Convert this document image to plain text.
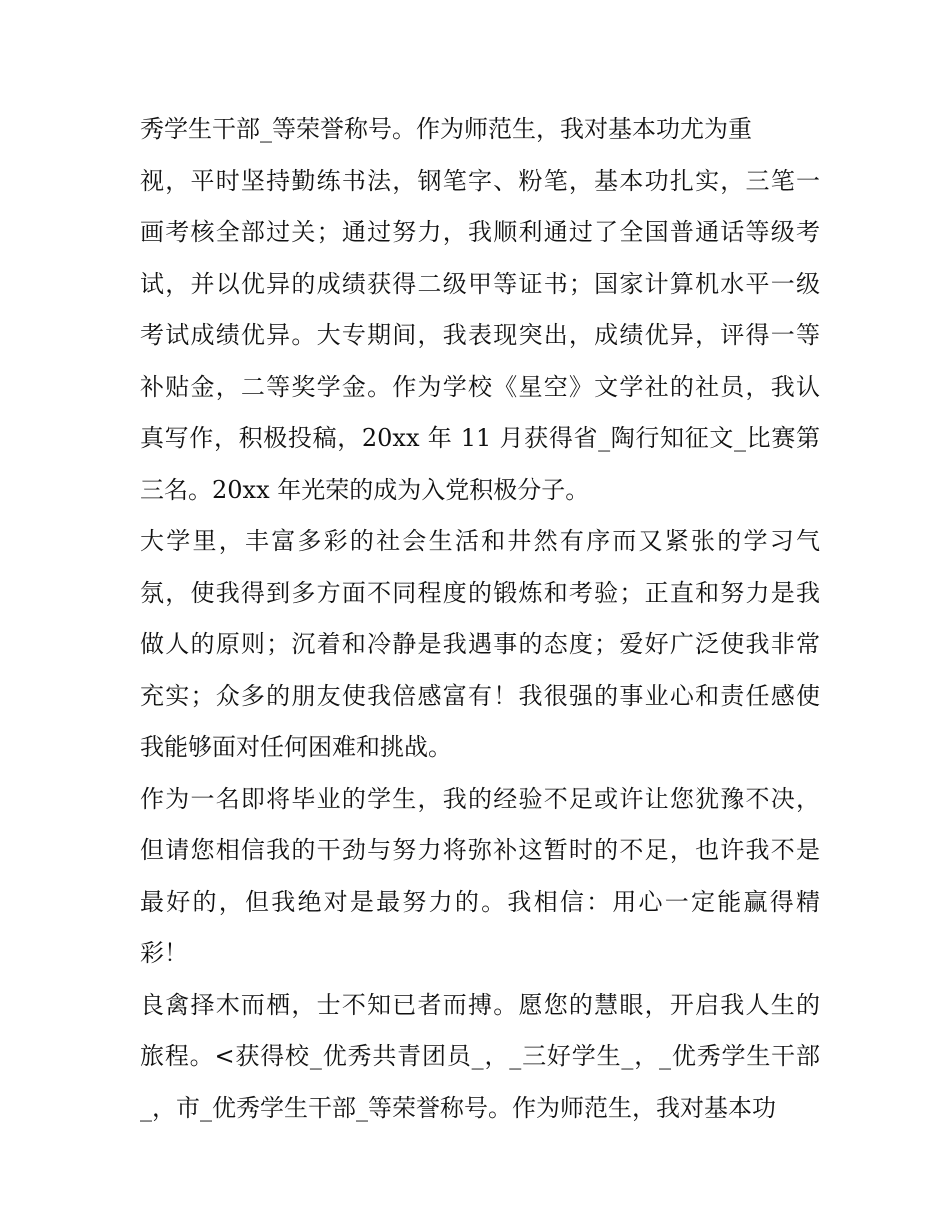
秀学生干部_等荣誉称号。作为师范生，我对基本功尤为重
视，平时坚持勤练书法，钢笔字、粉笔，基本功扎实，三笔一
画考核全部过关；通过努力，我顺利通过了全国普通话等级考
试，并以优异的成绩获得二级甲等证书；国家计算机水平一级
考试成绩优异。大专期间，我表现突出，成绩优异，评得一等
补贴金，二等奖学金。作为学校《星空》文学社的社员，我认
真写作，积极投稿，20xx 年 11 月获得省_陶行知征文_比赛第
三名。20xx 年光荣的成为入党积极分子。
大学里，丰富多彩的社会生活和井然有序而又紧张的学习气
氛，使我得到多方面不同程度的锻炼和考验；正直和努力是我
做人的原则；沉着和冷静是我遇事的态度；爱好广泛使我非常
充实；众多的朋友使我倍感富有！我很强的事业心和责任感使
我能够面对任何困难和挑战。
作为一名即将毕业的学生，我的经验不足或许让您犹豫不决，
但请您相信我的干劲与努力将弥补这暂时的不足，也许我不是
最好的，但我绝对是最努力的。我相信：用心一定能赢得精
彩！
良禽择木而栖，士不知已者而搏。愿您的慧眼，开启我人生的
旅程。<获得校_优秀共青团员_，_三好学生_，_优秀学生干部
_，市_优秀学生干部_等荣誉称号。作为师范生，我对基本功
